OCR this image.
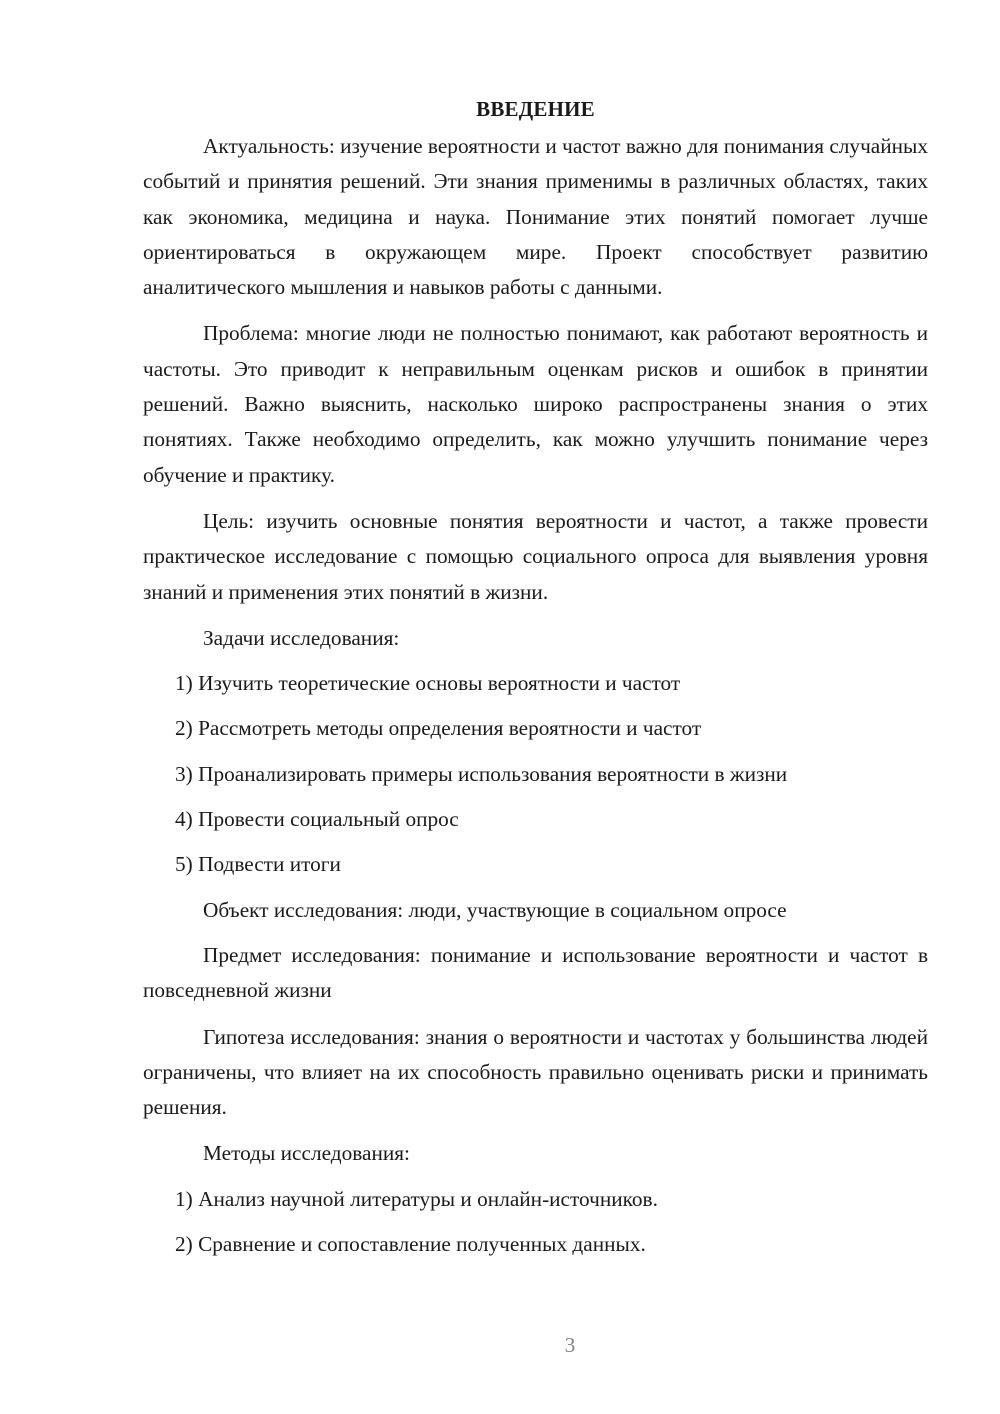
ВВЕДЕНИЕ

Актуальность: изучение вероятности и частот важно для понимания случайных событий и принятия решений. Эти знания применимы в различных областях, таких как экономика, медицина и наука. Понимание этих понятий помогает лучше ориентироваться в окружающем мире. Проект способствует развитию аналитического мышления и навыков работы с данными.

Проблема: многие люди не полностью понимают, как работают вероятность и частоты. Это приводит к неправильным оценкам рисков и ошибок в принятии решений. Важно выяснить, насколько широко распространены знания о этих понятиях. Также необходимо определить, как можно улучшить понимание через обучение и практику.

Цель: изучить основные понятия вероятности и частот, а также провести практическое исследование с помощью социального опроса для выявления уровня знаний и применения этих понятий в жизни.

Задачи исследования:

1) Изучить теоретические основы вероятности и частот

2) Рассмотреть методы определения вероятности и частот

3) Проанализировать примеры использования вероятности в жизни

4) Провести социальный опрос

5) Подвести итоги

Объект исследования: люди, участвующие в социальном опросе

Предмет исследования: понимание и использование вероятности и частот в повседневной жизни

Гипотеза исследования: знания о вероятности и частотах у большинства людей ограничены, что влияет на их способность правильно оценивать риски и принимать решения.

Методы исследования:

1) Анализ научной литературы и онлайн-источников.

2) Сравнение и сопоставление полученных данных.

3
